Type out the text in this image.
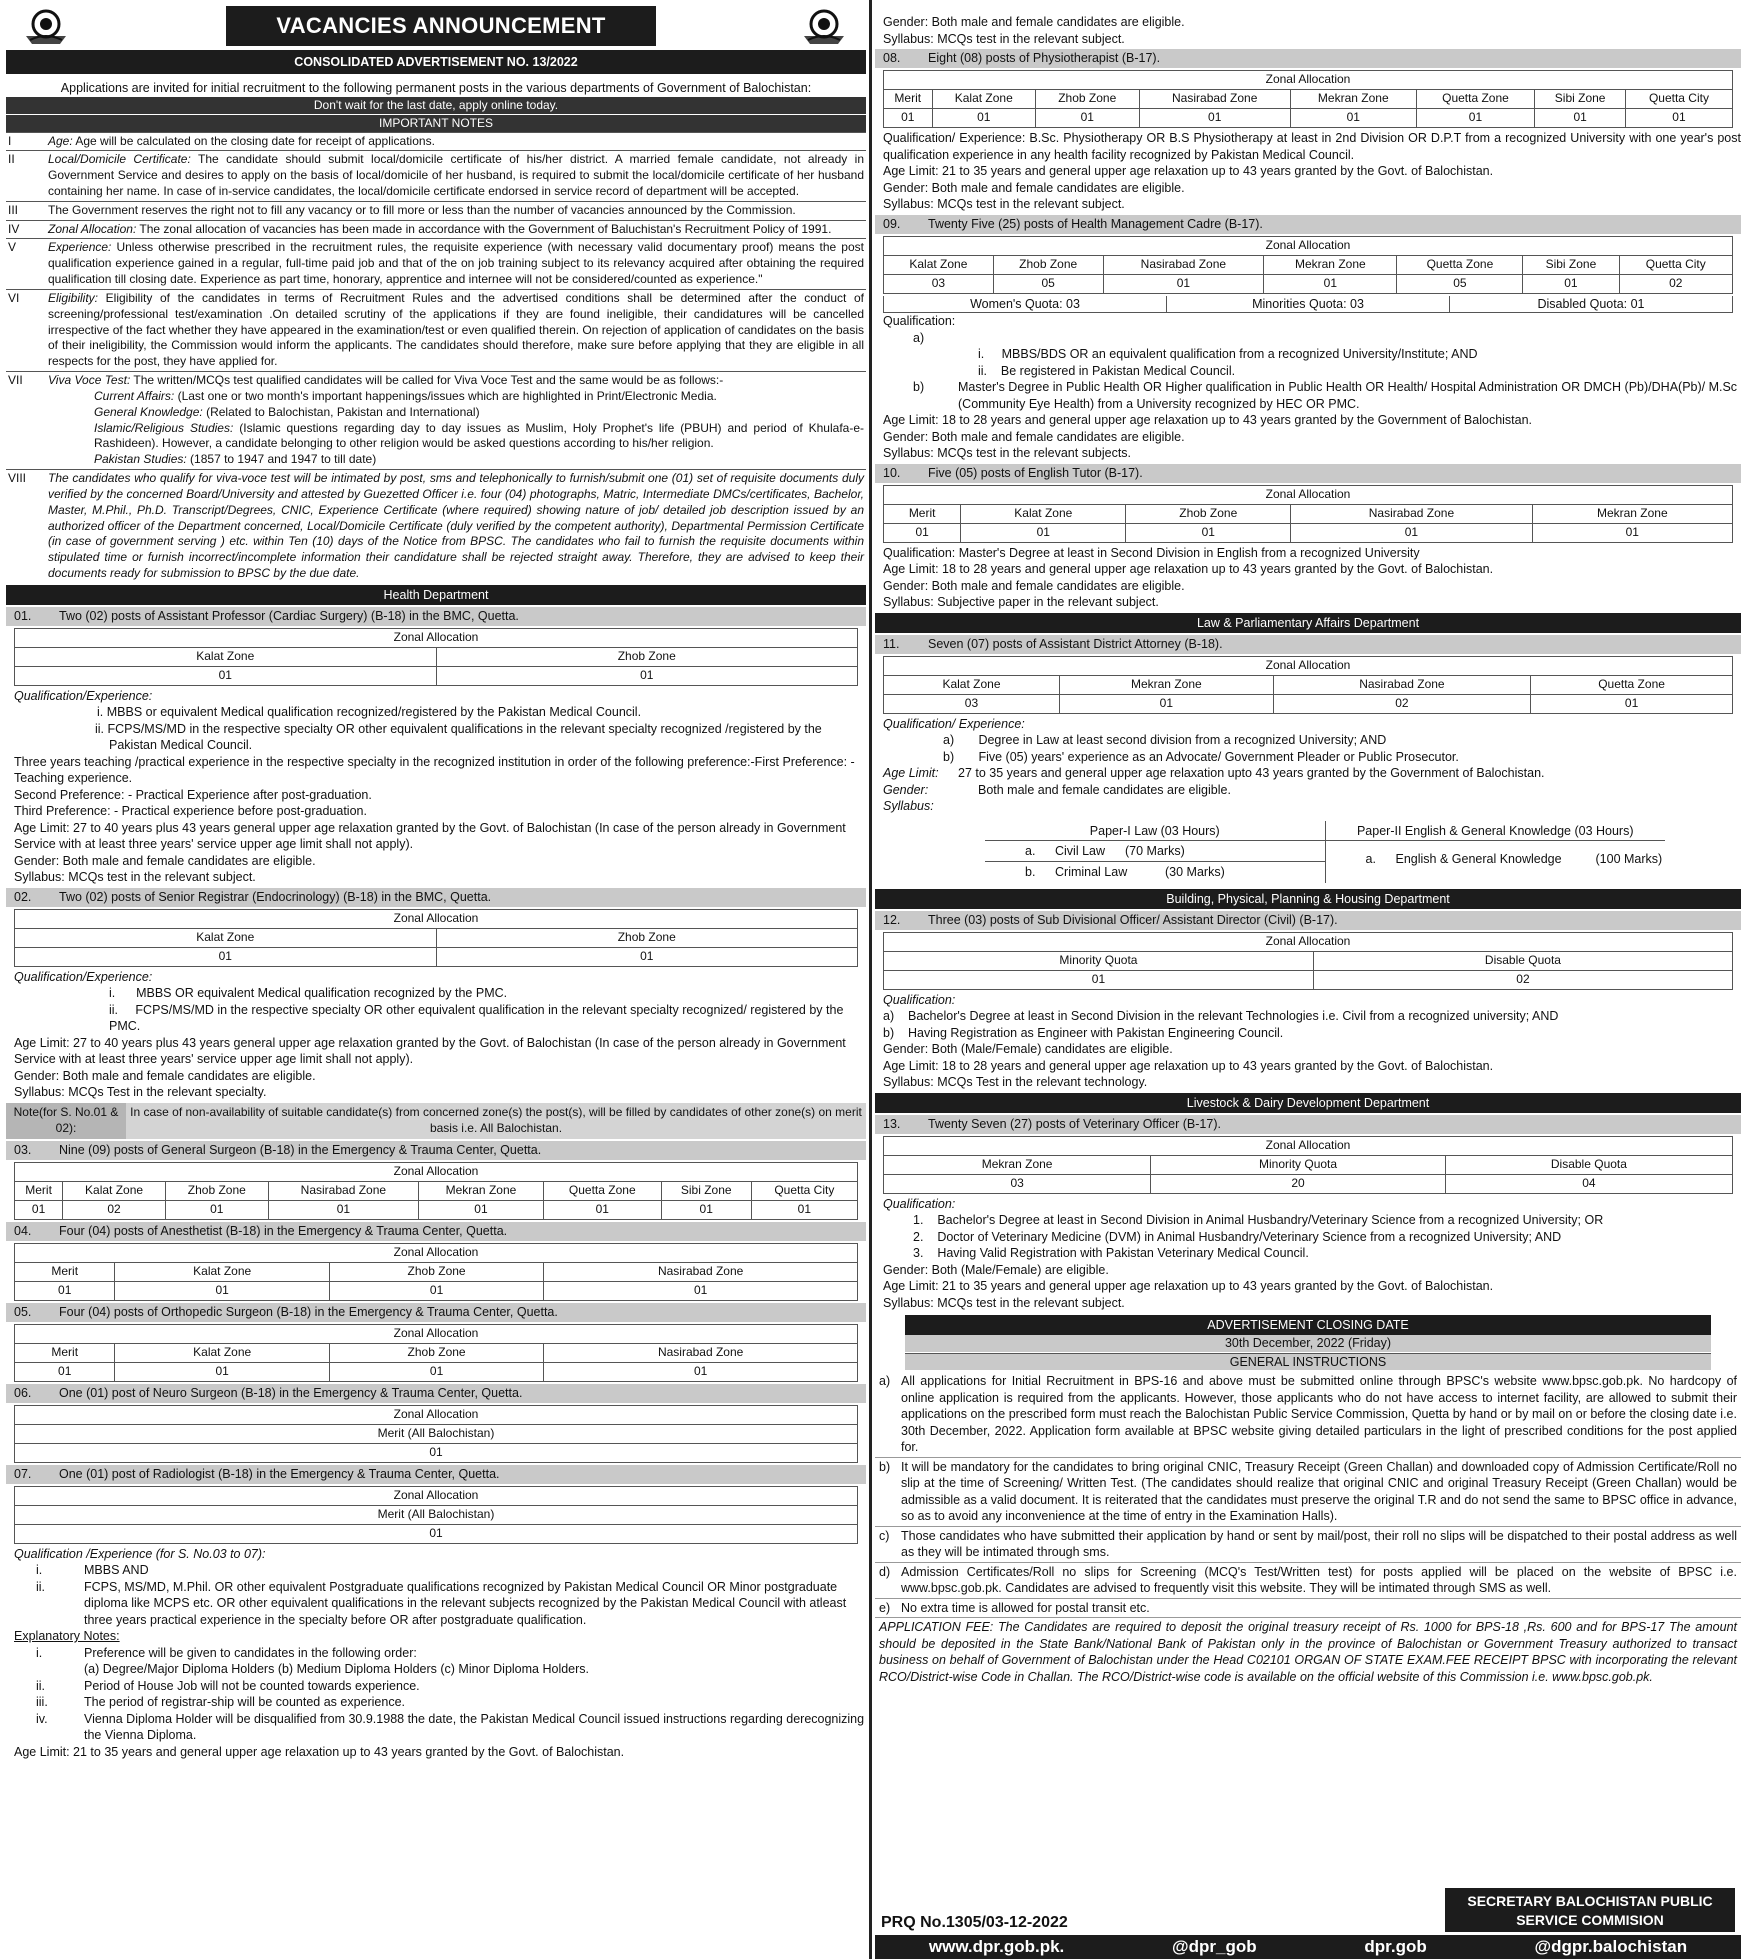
VACANCIES ANNOUNCEMENT
CONSOLIDATED ADVERTISEMENT NO. 13/2022
Applications are invited for initial recruitment to the following permanent posts in the various departments of Government of Balochistan:
Don't wait for the last date, apply online today.
IMPORTANT NOTES
I	Age: Age will be calculated on the closing date for receipt of applications.
II	Local/Domicile Certificate: The candidate should submit local/domicile certificate of his/her district. A married female candidate, not already in Government Service and desires to apply on the basis of local/domicile of her husband, is required to submit the local/domicile certificate of her husband containing her name. In case of in-service candidates, the local/domicile certificate endorsed in service record of department will be accepted.
III	The Government reserves the right not to fill any vacancy or to fill more or less than the number of vacancies announced by the Commission.
IV	Zonal Allocation: The zonal allocation of vacancies has been made in accordance with the Government of Baluchistan's Recruitment Policy of 1991.
V	Experience: Unless otherwise prescribed in the recruitment rules, the requisite experience (with necessary valid documentary proof) means the post qualification experience gained in a regular, full-time paid job and that of the on job training subject to its relevancy acquired after obtaining the required qualification till closing date. Experience as part time, honorary, apprentice and internee will not be considered/counted as experience."
VI	Eligibility: Eligibility of the candidates in terms of Recruitment Rules and the advertised conditions shall be determined after the conduct of screening/professional test/examination .On detailed scrutiny of the applications if they are found ineligible, their candidatures will be cancelled irrespective of the fact whether they have appeared in the examination/test or even qualified therein. On rejection of application of candidates on the basis of their ineligibility, the Commission would inform the applicants. The candidates should therefore, make sure before applying that they are eligible in all respects for the post, they have applied for.
VII	Viva Voce Test: The written/MCQs test qualified candidates will be called for Viva Voce Test and the same would be as follows:-
Current Affairs: (Last one or two month's important happenings/issues which are highlighted in Print/Electronic Media.
General Knowledge: (Related to Balochistan, Pakistan and International)
Islamic/Religious Studies: (Islamic questions regarding day to day issues as Muslim, Holy Prophet's life (PBUH) and period of Khulafa-e-Rashideen). However, a candidate belonging to other religion would be asked questions according to his/her religion.
Pakistan Studies: (1857 to 1947 and 1947 to till date)
VIII	The candidates who qualify for viva-voce test will be intimated by post, sms and telephonically to furnish/submit one (01) set of requisite documents duly verified by the concerned Board/University and attested by Guezetted Officer i.e. four (04) photographs, Matric, Intermediate DMCs/certificates, Bachelor, Master, M.Phil., Ph.D. Transcript/Degrees, CNIC, Experience Certificate (where required) showing nature of job/ detailed job description issued by an authorized officer of the Department concerned, Local/Domicile Certificate (duly verified by the competent authority), Departmental Permission Certificate (in case of government serving ) etc. within Ten (10) days of the Notice from BPSC. The candidates who fail to furnish the requisite documents within stipulated time or furnish incorrect/incomplete information their candidature shall be rejected straight away. Therefore, they are advised to keep their documents ready for submission to BPSC by the due date.
Health Department
01. Two (02) posts of Assistant Professor (Cardiac Surgery) (B-18) in the BMC, Quetta.
Zonal Allocation	
Kalat Zone	Zhob Zone
01	01
Qualification/Experience:
i. MBBS or equivalent Medical qualification recognized/registered by the Pakistan Medical Council.
ii. FCPS/MS/MD in the respective specialty OR other equivalent qualifications in the relevant specialty recognized /registered by the Pakistan Medical Council.
Three years teaching /practical experience in the respective specialty in the recognized institution in order of the following preference:-First Preference: - Teaching experience.
Second Preference: - Practical Experience after post-graduation.
Third Preference: - Practical experience before post-graduation.
Age Limit: 27 to 40 years plus 43 years general upper age relaxation granted by the Govt. of Balochistan (In case of the person already in Government Service with at least three years' service upper age limit shall not apply).
Gender: Both male and female candidates are eligible.
Syllabus: MCQs test in the relevant subject.
02. Two (02) posts of Senior Registrar (Endocrinology) (B-18) in the BMC, Quetta.
Zonal Allocation	
Kalat Zone	Zhob Zone
01	01
Qualification/Experience:
i.      MBBS OR equivalent Medical qualification recognized by the PMC.
ii.     FCPS/MS/MD in the respective specialty OR other equivalent qualification in the relevant specialty recognized/ registered by the PMC.
Age Limit: 27 to 40 years plus 43 years general upper age relaxation granted by the Govt. of Balochistan (In case of the person already in Government Service with at least three years' service upper age limit shall not apply).
Gender: Both male and female candidates are eligible.
Syllabus: MCQs Test in the relevant specialty.
Note(for S. No.01 & 02):
In case of non-availability of suitable candidate(s) from concerned zone(s) the post(s), will be filled by candidates of other zone(s) on merit basis i.e. All Balochistan.
03. Nine (09) posts of General Surgeon (B-18) in the Emergency & Trauma Center, Quetta.
Zonal Allocation							
Merit	Kalat Zone	Zhob Zone	Nasirabad Zone	Mekran Zone	Quetta Zone	Sibi Zone	Quetta City
01	02	01	01	01	01	01	01
04. Four (04) posts of Anesthetist (B-18) in the Emergency & Trauma Center, Quetta.
Zonal Allocation			
Merit	Kalat Zone	Zhob Zone	Nasirabad Zone
01	01	01	01
05. Four (04) posts of Orthopedic Surgeon (B-18) in the Emergency & Trauma Center, Quetta.
Zonal Allocation			
Merit	Kalat Zone	Zhob Zone	Nasirabad Zone
01	01	01	01
06. One (01) post of Neuro Surgeon (B-18) in the Emergency & Trauma Center, Quetta.
Zonal Allocation
Merit (All Balochistan)
01
07. One (01) post of Radiologist (B-18) in the Emergency & Trauma Center, Quetta.
Zonal Allocation
Merit (All Balochistan)
01
Qualification /Experience (for S. No.03 to 07):
i.	MBBS AND
ii.	FCPS, MS/MD, M.Phil. OR other equivalent Postgraduate qualifications recognized by Pakistan Medical Council OR Minor postgraduate diploma like MCPS etc. OR other equivalent qualifications in the relevant subjects recognized by the Pakistan Medical Council with atleast three years practical experience in the specialty before OR after postgraduate qualification.
Explanatory Notes:
i.	Preference will be given to candidates in the following order:
(a) Degree/Major Diploma Holders (b) Medium Diploma Holders (c) Minor Diploma Holders.
ii.	Period of House Job will not be counted towards experience.
iii.	The period of registrar-ship will be counted as experience.
iv.	Vienna Diploma Holder will be disqualified from 30.9.1988 the date, the Pakistan Medical Council issued instructions regarding derecognizing the Vienna Diploma.
Age Limit: 21 to 35 years and general upper age relaxation up to 43 years granted by the Govt. of Balochistan.
Gender: Both male and female candidates are eligible.
Syllabus: MCQs test in the relevant subject.
08. Eight (08) posts of Physiotherapist (B-17).
Zonal Allocation							
Merit	Kalat Zone	Zhob Zone	Nasirabad Zone	Mekran Zone	Quetta Zone	Sibi Zone	Quetta City
01	01	01	01	01	01	01	01
Qualification/ Experience: B.Sc. Physiotherapy OR B.S Physiotherapy at least in 2nd Division OR D.P.T from a recognized University with one year's post qualification experience in any health facility recognized by Pakistan Medical Council.
Age Limit: 21 to 35 years and general upper age relaxation up to 43 years granted by the Govt. of Balochistan.
Gender: Both male and female candidates are eligible.
Syllabus: MCQs test in the relevant subject.
09. Twenty Five (25) posts of Health Management Cadre (B-17).
Zonal Allocation						
Kalat Zone	Zhob Zone	Nasirabad Zone	Mekran Zone	Quetta Zone	Sibi Zone	Quetta City
03	05	01	01	05	01	02
Women's Quota: 03	Minorities Quota: 03	Disabled Quota: 01
Qualification:
a)
i.     MBBS/BDS OR an equivalent qualification from a recognized University/Institute; AND
ii.    Be registered in Pakistan Medical Council.
b)	Master's Degree in Public Health OR Higher qualification in Public Health OR Health/ Hospital Administration OR DMCH (Pb)/DHA(Pb)/ M.Sc (Community Eye Health) from a University recognized by HEC OR PMC.
Age Limit: 18 to 28 years and general upper age relaxation up to 43 years granted by the Government of Balochistan.
Gender: Both male and female candidates are eligible.
Syllabus: MCQs test in the relevant subjects.
10. Five (05) posts of English Tutor (B-17).
Zonal Allocation				
Merit	Kalat Zone	Zhob Zone	Nasirabad Zone	Mekran Zone
01	01	01	01	01
Qualification: Master's Degree at least in Second Division in English from a recognized University
Age Limit: 18 to 28 years and general upper age relaxation up to 43 years granted by the Govt. of Balochistan.
Gender: Both male and female candidates are eligible.
Syllabus: Subjective paper in the relevant subject.
Law & Parliamentary Affairs Department
11. Seven (07) posts of Assistant District Attorney (B-18).
Zonal Allocation			
Kalat Zone	Mekran Zone	Nasirabad Zone	Quetta Zone
03	01	02	01
Qualification/ Experience:
a)       Degree in Law at least second division from a recognized University; AND
b)       Five (05) years' experience as an Advocate/ Government Pleader or Public Prosecutor.
Age Limit:	27 to 35 years and general upper age relaxation upto 43 years granted by the Government of Balochistan.
Gender:	Both male and female candidates are eligible.
Syllabus:
Paper-I Law (03 Hours)
a.	Civil Law	(70 Marks)
b.	Criminal Law	(30 Marks)
Paper-II English & General Knowledge (03 Hours)
a.	English & General Knowledge	(100 Marks)
Building, Physical, Planning & Housing Department
12. Three (03) posts of Sub Divisional Officer/ Assistant Director (Civil) (B-17).
Zonal Allocation	
Minority Quota	Disable Quota
01	02
Qualification:
a)    Bachelor's Degree at least in Second Division in the relevant Technologies i.e. Civil from a recognized university; AND
b)    Having Registration as Engineer with Pakistan Engineering Council.
Gender: Both (Male/Female) candidates are eligible.
Age Limit: 18 to 28 years and general upper age relaxation up to 43 years granted by the Govt. of Balochistan.
Syllabus: MCQs Test in the relevant technology.
Livestock & Dairy Development Department
13. Twenty Seven (27) posts of Veterinary Officer (B-17).
Zonal Allocation		
Mekran Zone	Minority Quota	Disable Quota
03	20	04
Qualification:
1.    Bachelor's Degree at least in Second Division in Animal Husbandry/Veterinary Science from a recognized University; OR
2.    Doctor of Veterinary Medicine (DVM) in Animal Husbandry/Veterinary Science from a recognized University; AND
3.    Having Valid Registration with Pakistan Veterinary Medical Council.
Gender: Both (Male/Female) are eligible.
Age Limit: 21 to 35 years and general upper age relaxation up to 43 years granted by the Govt. of Balochistan.
Syllabus: MCQs test in the relevant subject.
ADVERTISEMENT CLOSING DATE
30th December, 2022 (Friday)
GENERAL INSTRUCTIONS
a) All applications for Initial Recruitment in BPS-16 and above must be submitted online through BPSC's website www.bpsc.gob.pk. No hardcopy of online application is required from the applicants. However, those applicants who do not have access to internet facility, are allowed to submit their applications on the prescribed form must reach the Balochistan Public Service Commission, Quetta by hand or by mail on or before the closing date i.e. 30th December, 2022. Application form available at BPSC website giving detailed particulars in the light of prescribed conditions for the post applied for.
b) It will be mandatory for the candidates to bring original CNIC, Treasury Receipt (Green Challan) and downloaded copy of Admission Certificate/Roll no slip at the time of Screening/ Written Test. (The candidates should realize that original CNIC and original Treasury Receipt (Green Challan) would be admissible as a valid document. It is reiterated that the candidates must preserve the original T.R and do not send the same to BPSC office in advance, so as to avoid any inconvenience at the time of entry in the Examination Halls).
c) Those candidates who have submitted their application by hand or sent by mail/post, their roll no slips will be dispatched to their postal address as well as they will be intimated through sms.
d) Admission Certificates/Roll no slips for Screening (MCQ's Test/Written test) for posts applied will be placed on the website of BPSC i.e. www.bpsc.gob.pk. Candidates are advised to frequently visit this website. They will be intimated through SMS as well.
e) No extra time is allowed for postal transit etc.
APPLICATION FEE: The Candidates are required to deposit the original treasury receipt of Rs. 1000 for BPS-18 ,Rs. 600 and for BPS-17 The amount should be deposited in the State Bank/National Bank of Pakistan only in the province of Balochistan or Government Treasury authorized to transact business on behalf of Government of Balochistan under the Head C02101 ORGAN OF STATE EXAM.FEE RECEIPT BPSC with incorporating the relevant RCO/District-wise Code in Challan. The RCO/District-wise code is available on the official website of this Commission i.e. www.bpsc.gob.pk.
PRQ No.1305/03-12-2022
SECRETARY BALOCHISTAN PUBLIC SERVICE COMMISION
www.dpr.gob.pk.	@dpr_gob	dpr.gob	@dgpr.balochistan
